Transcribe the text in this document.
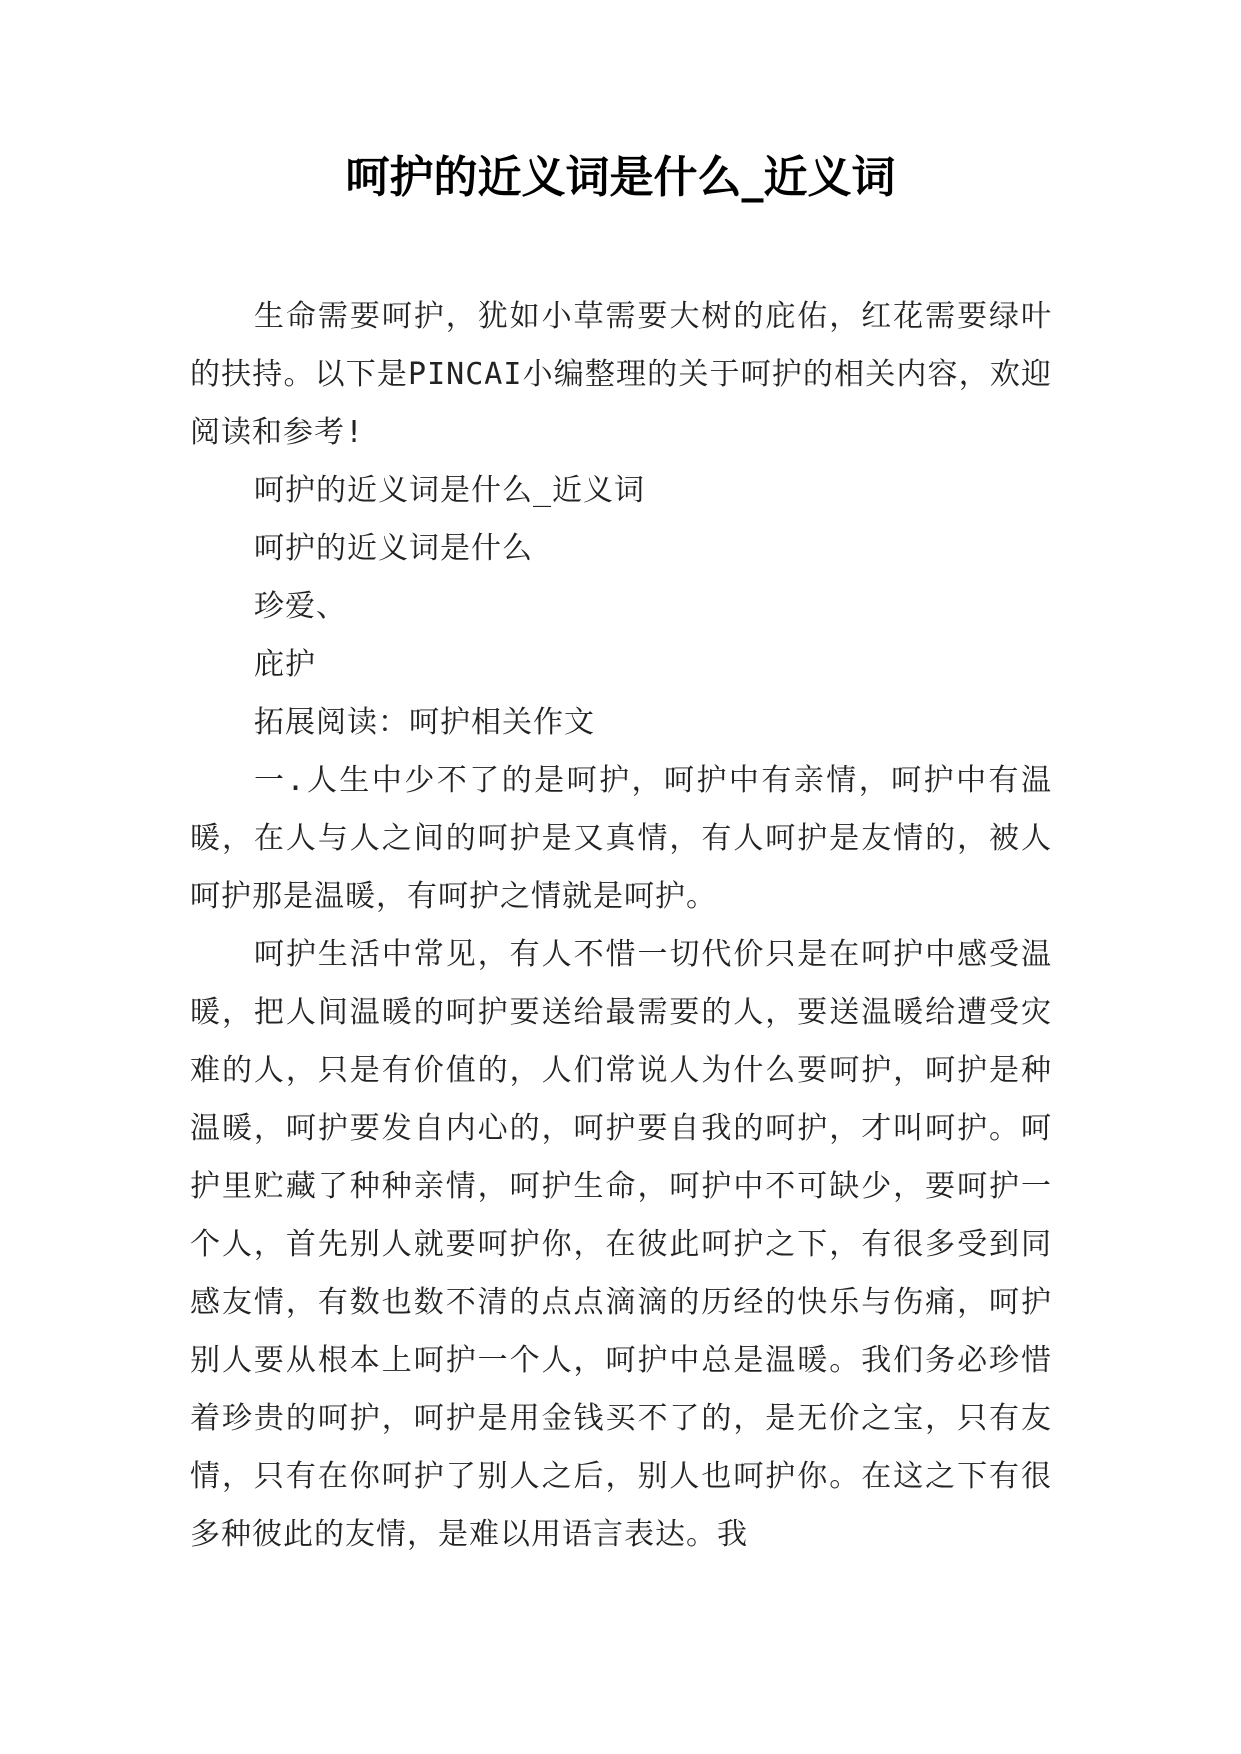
呵护的近义词是什么_近义词

生命需要呵护，犹如小草需要大树的庇佑，红花需要绿叶的扶持。以下是PINCAI小编整理的关于呵护的相关内容，欢迎阅读和参考!

呵护的近义词是什么_近义词

呵护的近义词是什么

珍爱、

庇护

拓展阅读：呵护相关作文

一.人生中少不了的是呵护，呵护中有亲情，呵护中有温暖，在人与人之间的呵护是又真情，有人呵护是友情的，被人呵护那是温暖，有呵护之情就是呵护。

呵护生活中常见，有人不惜一切代价只是在呵护中感受温暖，把人间温暖的呵护要送给最需要的人，要送温暖给遭受灾难的人，只是有价值的，人们常说人为什么要呵护，呵护是种温暖，呵护要发自内心的，呵护要自我的呵护，才叫呵护。呵护里贮藏了种种亲情，呵护生命，呵护中不可缺少，要呵护一个人，首先别人就要呵护你，在彼此呵护之下，有很多受到同感友情，有数也数不清的点点滴滴的历经的快乐与伤痛，呵护别人要从根本上呵护一个人，呵护中总是温暖。我们务必珍惜着珍贵的呵护，呵护是用金钱买不了的，是无价之宝，只有友情，只有在你呵护了别人之后，别人也呵护你。在这之下有很多种彼此的友情，是难以用语言表达。我
